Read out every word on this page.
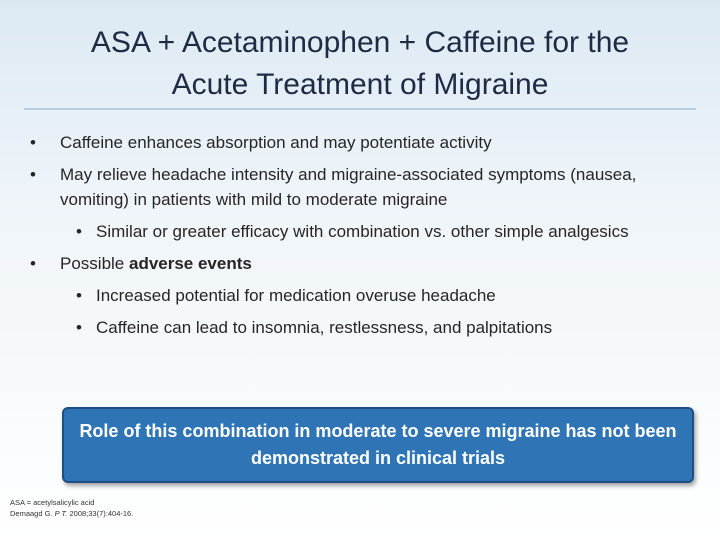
ASA + Acetaminophen + Caffeine for the
Acute Treatment of Migraine
•	Caffeine enhances absorption and may potentiate activity
•	May relieve headache intensity and migraine-associated symptoms (nausea, vomiting) in patients with mild to moderate migraine
• Similar or greater efficacy with combination vs. other simple analgesics
•	Possible adverse events
• Increased potential for medication overuse headache
• Caffeine can lead to insomnia, restlessness, and palpitations
Role of this combination in moderate to severe migraine has not been demonstrated in clinical trials
ASA = acetylsalicylic acid
Demaagd G. P T. 2008;33(7):404-16.
